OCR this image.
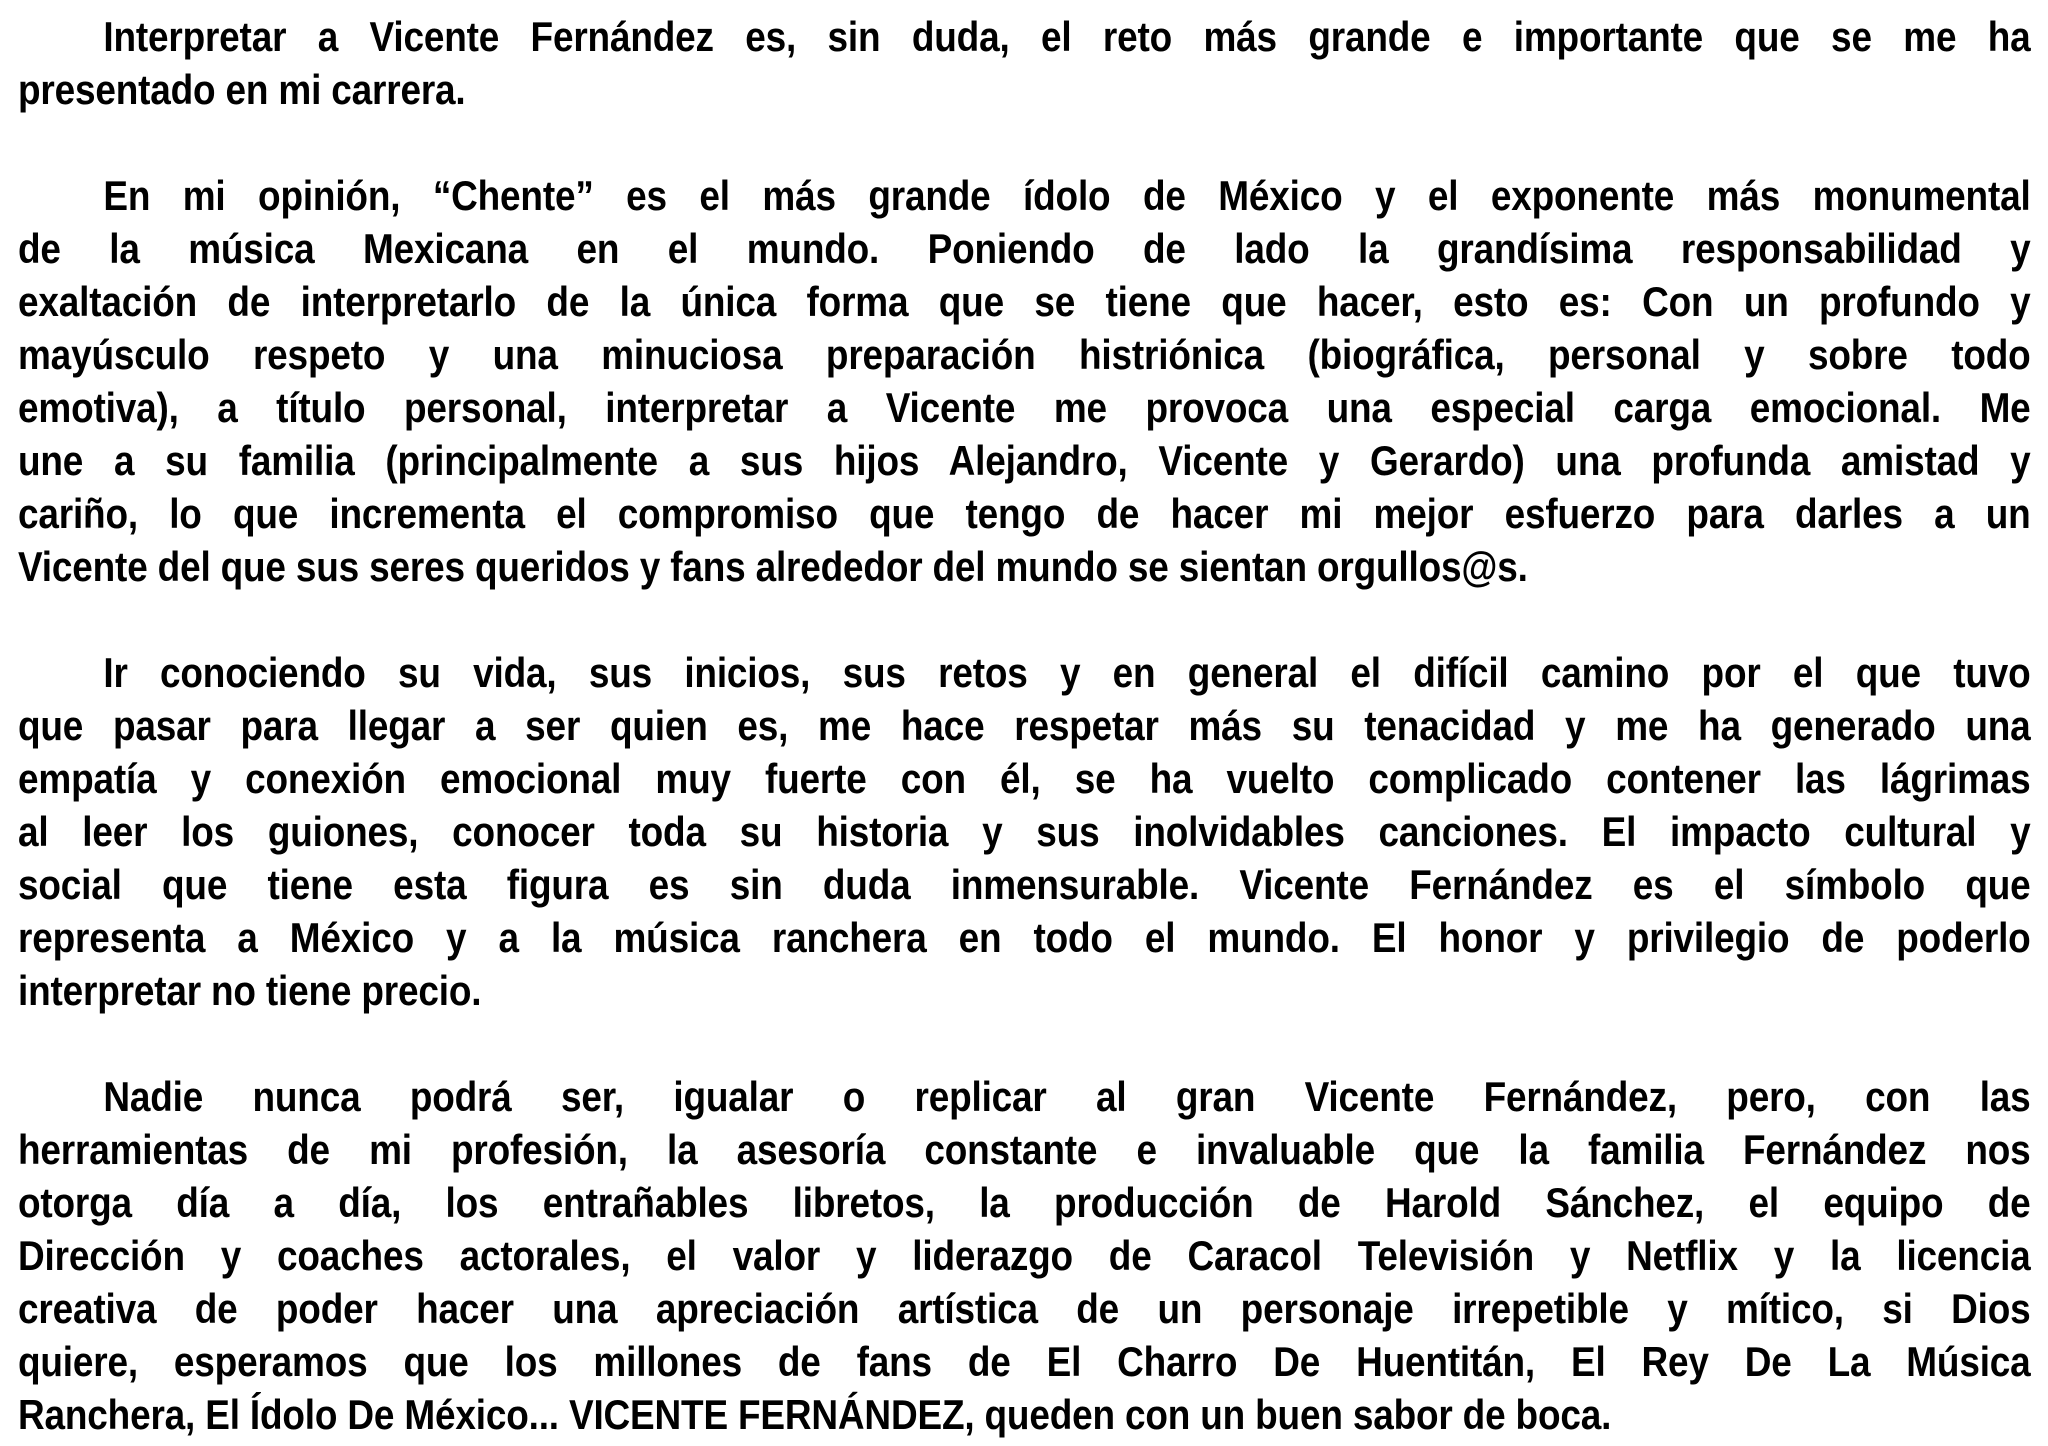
Interpretar a Vicente Fernández es, sin duda, el reto más grande e importante que se me ha
presentado en mi carrera.
En mi opinión, “Chente” es el más grande ídolo de México y el exponente más monumental
de la música Mexicana en el mundo. Poniendo de lado la grandísima responsabilidad y
exaltación de interpretarlo de la única forma que se tiene que hacer, esto es: Con un profundo y
mayúsculo respeto y una minuciosa preparación histriónica (biográfica, personal y sobre todo
emotiva), a título personal, interpretar a Vicente me provoca una especial carga emocional. Me
une a su familia (principalmente a sus hijos Alejandro, Vicente y Gerardo) una profunda amistad y
cariño, lo que incrementa el compromiso que tengo de hacer mi mejor esfuerzo para darles a un
Vicente del que sus seres queridos y fans alrededor del mundo se sientan orgullos@s.
Ir conociendo su vida, sus inicios, sus retos y en general el difícil camino por el que tuvo
que pasar para llegar a ser quien es, me hace respetar más su tenacidad y me ha generado una
empatía y conexión emocional muy fuerte con él, se ha vuelto complicado contener las lágrimas
al leer los guiones, conocer toda su historia y sus inolvidables canciones. El impacto cultural y
social que tiene esta figura es sin duda inmensurable. Vicente Fernández es el símbolo que
representa a México y a la música ranchera en todo el mundo. El honor y privilegio de poderlo
interpretar no tiene precio.
Nadie nunca podrá ser, igualar o replicar al gran Vicente Fernández, pero, con las
herramientas de mi profesión, la asesoría constante e invaluable que la familia Fernández nos
otorga día a día, los entrañables libretos, la producción de Harold Sánchez, el equipo de
Dirección y coaches actorales, el valor y liderazgo de Caracol Televisión y Netflix y la licencia
creativa de poder hacer una apreciación artística de un personaje irrepetible y mítico, si Dios
quiere, esperamos que los millones de fans de El Charro De Huentitán, El Rey De La Música
Ranchera, El Ídolo De México... VICENTE FERNÁNDEZ, queden con un buen sabor de boca.
